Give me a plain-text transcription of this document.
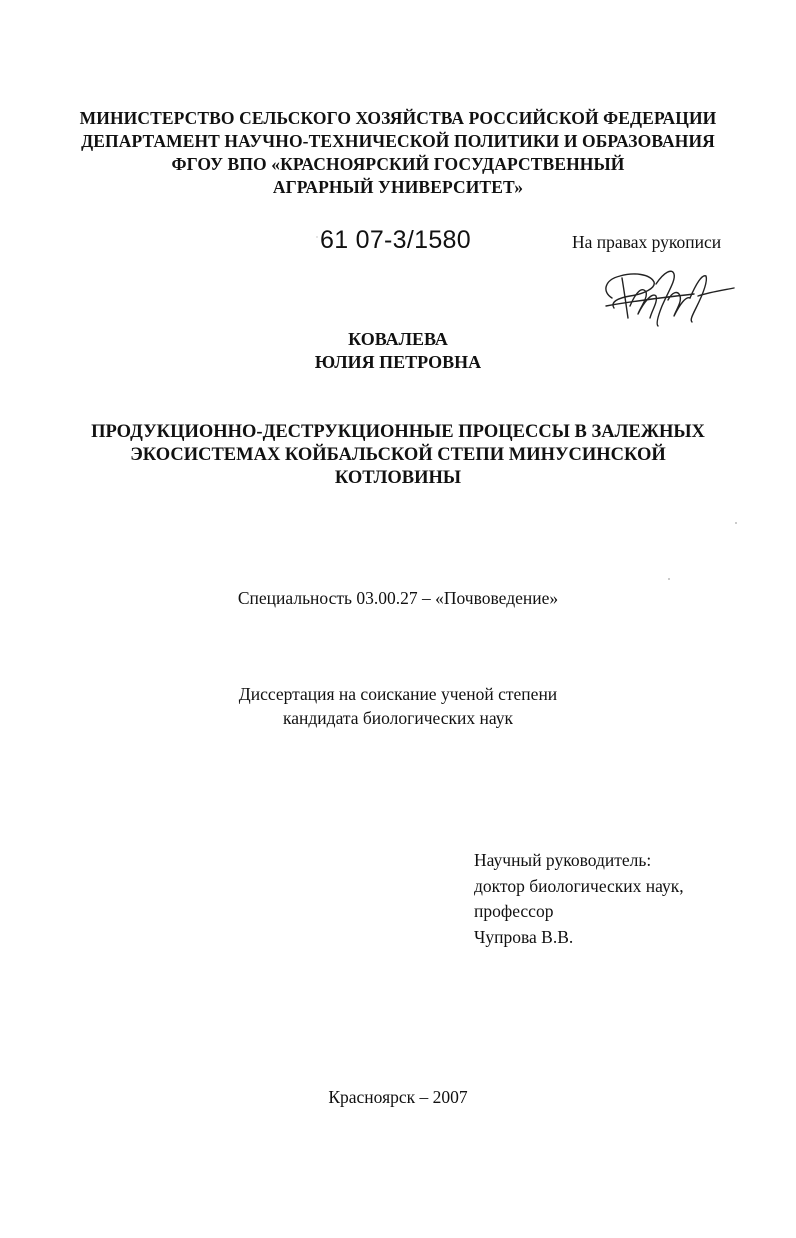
МИНИСТЕРСТВО СЕЛЬСКОГО ХОЗЯЙСТВА РОССИЙСКОЙ ФЕДЕРАЦИИ
ДЕПАРТАМЕНТ НАУЧНО-ТЕХНИЧЕСКОЙ ПОЛИТИКИ И ОБРАЗОВАНИЯ
ФГОУ ВПО «КРАСНОЯРСКИЙ ГОСУДАРСТВЕННЫЙ
АГРАРНЫЙ УНИВЕРСИТЕТ»
61 07-3/1580	На правах рукописи
КОВАЛЕВА
ЮЛИЯ ПЕТРОВНА
ПРОДУКЦИОННО-ДЕСТРУКЦИОННЫЕ ПРОЦЕССЫ В ЗАЛЕЖНЫХ
ЭКОСИСТЕМАХ КОЙБАЛЬСКОЙ СТЕПИ МИНУСИНСКОЙ
КОТЛОВИНЫ
Специальность 03.00.27 – «Почвоведение»
Диссертация на соискание ученой степени
кандидата биологических наук
Научный руководитель:
доктор биологических наук,
профессор
Чупрова В.В.
Красноярск – 2007
